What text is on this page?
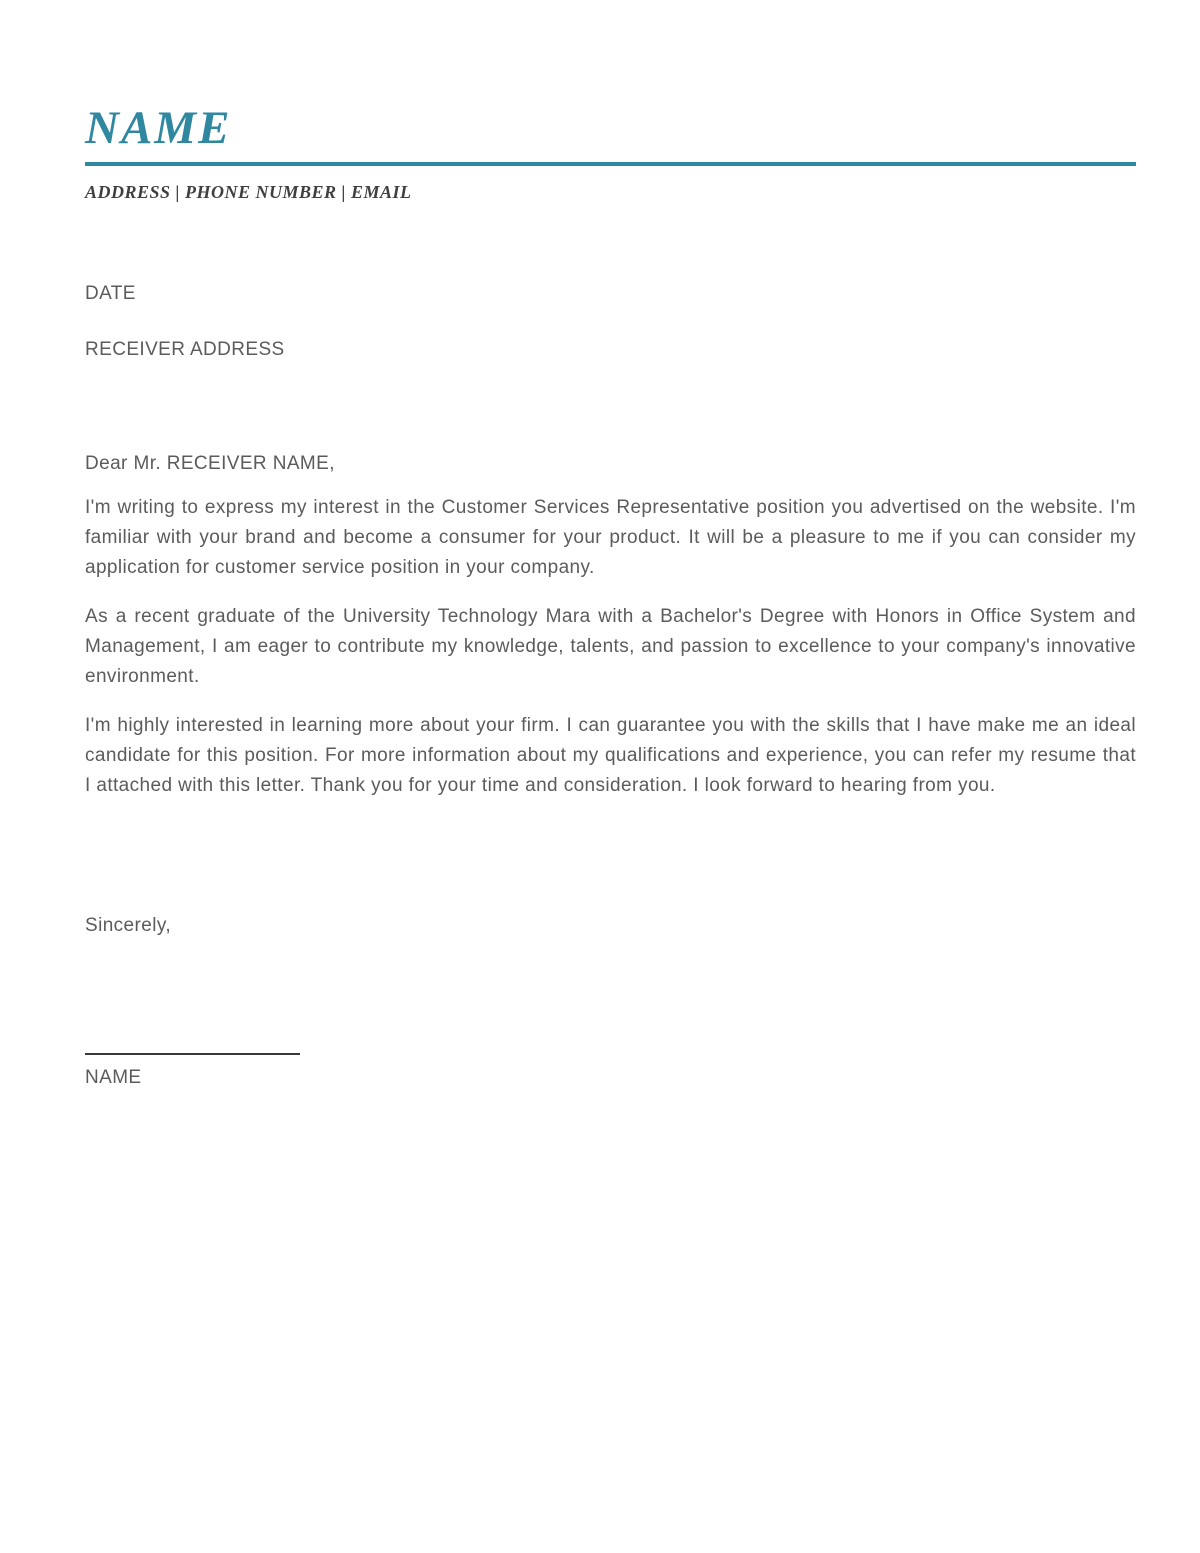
NAME

ADDRESS | PHONE NUMBER | EMAIL

DATE
RECEIVER ADDRESS
Dear Mr. RECEIVER NAME,

I'm writing to express my interest in the Customer Services Representative position you advertised on the website. I'm familiar with your brand and become a consumer for your product. It will be a pleasure to me if you can consider my application for customer service position in your company.

As a recent graduate of the University Technology Mara with a Bachelor's Degree with Honors in Office System and Management, I am eager to contribute my knowledge, talents, and passion to excellence to your company's innovative environment.

I'm highly interested in learning more about your firm. I can guarantee you with the skills that I have make me an ideal candidate for this position. For more information about my qualifications and experience, you can refer my resume that I attached with this letter. Thank you for your time and consideration. I look forward to hearing from you.

Sincerely,
NAME
